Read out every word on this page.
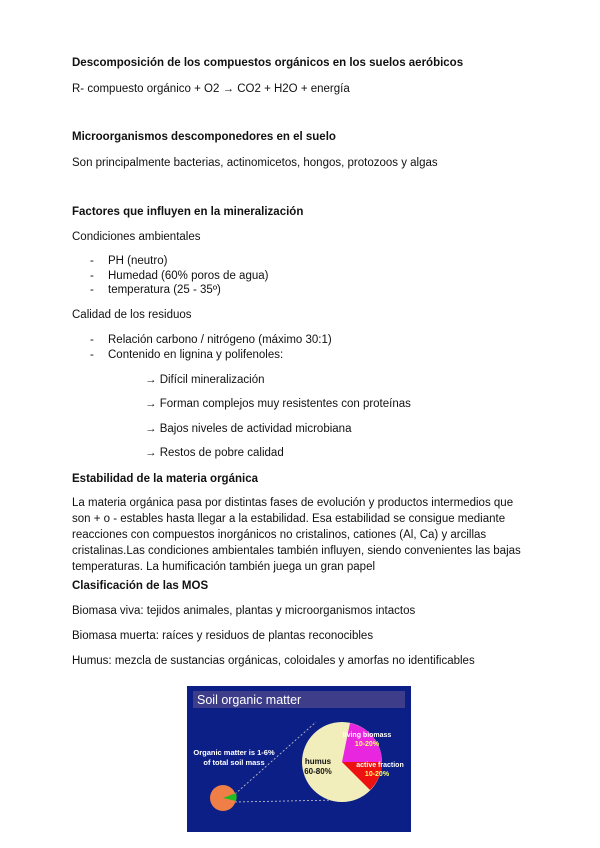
Descomposición de los compuestos orgánicos en los suelos aeróbicos
R- compuesto orgánico + O2 → CO2 + H2O + energía
Microorganismos descomponedores en el suelo
Son principalmente bacterias, actinomicetos, hongos, protozoos y algas
Factores que influyen en la mineralización
Condiciones ambientales
- PH (neutro)
- Humedad (60% poros de agua)
- temperatura (25 - 35º)
Calidad de los residuos
- Relación carbono / nitrógeno (máximo 30:1)
- Contenido en lignina y polifenoles:
→ Difícil mineralización
→ Forman complejos muy resistentes con proteínas
→ Bajos niveles de actividad microbiana
→ Restos de pobre calidad
Estabilidad de la materia orgánica
La materia orgánica pasa por distintas fases de evolución y productos intermedios que son + o - estables hasta llegar a la estabilidad. Esa estabilidad se consigue mediante reacciones con compuestos inorgánicos no cristalinos, cationes (Al, Ca) y arcillas cristalinas.Las condiciones ambientales también influyen, siendo convenientes las bajas temperaturas. La humificación también juega un gran papel
Clasificación de las MOS
Biomasa viva: tejidos animales, plantas y microorganismos intactos
Biomasa muerta: raíces y residuos de plantas reconocibles
Humus: mezcla de sustancias orgánicas, coloidales y amorfas no identificables
Soil organic matter
Organic matter is 1-6%
of total soil mass	humus
60-80%
living biomass
10-20%
active fraction
10-20%
